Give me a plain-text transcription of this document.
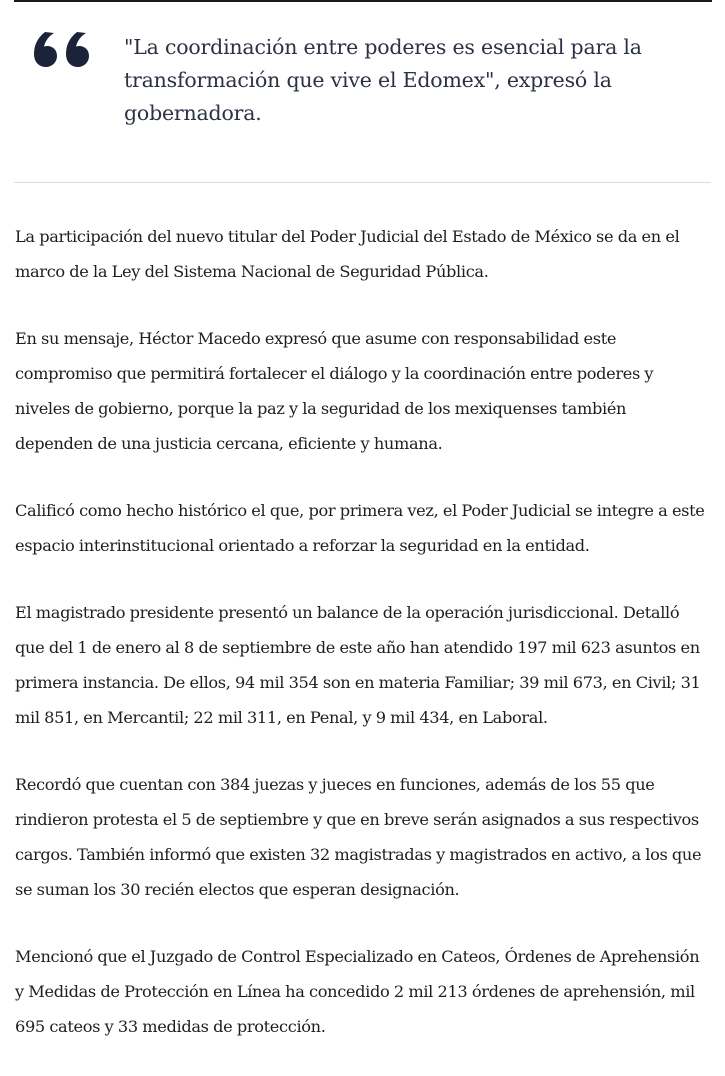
"La coordinación entre poderes es esencial para la transformación que vive el Edomex", expresó la gobernadora.

La participación del nuevo titular del Poder Judicial del Estado de México se da en el marco de la Ley del Sistema Nacional de Seguridad Pública.

En su mensaje, Héctor Macedo expresó que asume con responsabilidad este compromiso que permitirá fortalecer el diálogo y la coordinación entre poderes y niveles de gobierno, porque la paz y la seguridad de los mexiquenses también dependen de una justicia cercana, eficiente y humana.

Calificó como hecho histórico el que, por primera vez, el Poder Judicial se integre a este espacio interinstitucional orientado a reforzar la seguridad en la entidad.

El magistrado presidente presentó un balance de la operación jurisdiccional. Detalló que del 1 de enero al 8 de septiembre de este año han atendido 197 mil 623 asuntos en primera instancia. De ellos, 94 mil 354 son en materia Familiar; 39 mil 673, en Civil; 31 mil 851, en Mercantil; 22 mil 311, en Penal, y 9 mil 434, en Laboral.

Recordó que cuentan con 384 juezas y jueces en funciones, además de los 55 que rindieron protesta el 5 de septiembre y que en breve serán asignados a sus respectivos cargos. También informó que existen 32 magistradas y magistrados en activo, a los que se suman los 30 recién electos que esperan designación.

Mencionó que el Juzgado de Control Especializado en Cateos, Órdenes de Aprehensión y Medidas de Protección en Línea ha concedido 2 mil 213 órdenes de aprehensión, mil 695 cateos y 33 medidas de protección.
